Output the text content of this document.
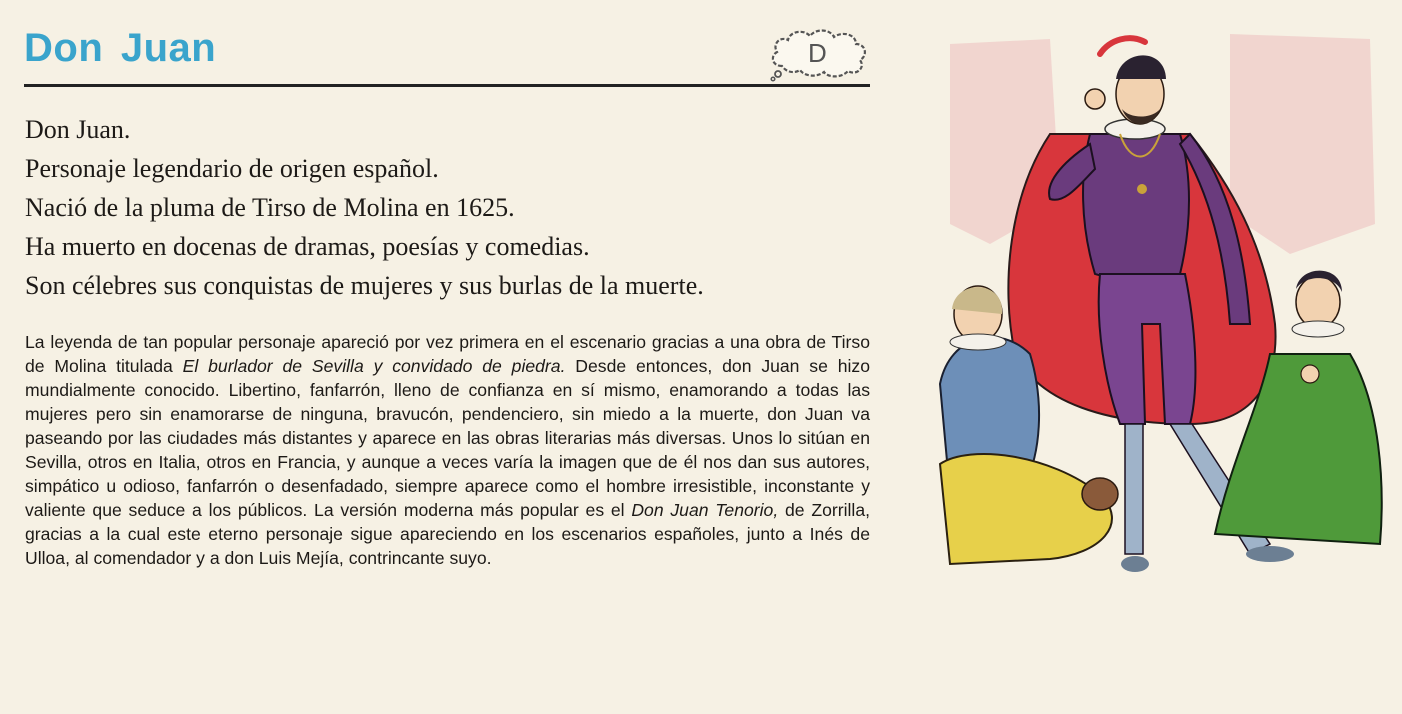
Don Juan	D
Don Juan.
Personaje legendario de origen español.
Nació de la pluma de Tirso de Molina en 1625.
Ha muerto en docenas de dramas, poesías y comedias.
Son célebres sus conquistas de mujeres y sus burlas de la muerte.
La leyenda de tan popular personaje apareció por vez primera en el escenario gracias a una obra de Tirso de Molina titulada El burlador de Sevilla y convidado de piedra. Desde entonces, don Juan se hizo mundialmente conocido. Libertino, fanfarrón, lleno de confianza en sí mismo, enamorando a todas las mujeres pero sin enamorarse de ninguna, bravucón, pendenciero, sin miedo a la muerte, don Juan va paseando por las ciudades más distantes y aparece en las obras literarias más diversas. Unos lo sitúan en Sevilla, otros en Italia, otros en Francia, y aunque a veces varía la imagen que de él nos dan sus autores, simpático u odioso, fanfarrón o desenfadado, siempre aparece como el hombre irresistible, inconstante y valiente que seduce a los públicos. La versión moderna más popular es el Don Juan Tenorio, de Zorrilla, gracias a la cual este eterno personaje sigue apareciendo en los escenarios españoles, junto a Inés de Ulloa, al comendador y a don Luis Mejía, contrincante suyo.
